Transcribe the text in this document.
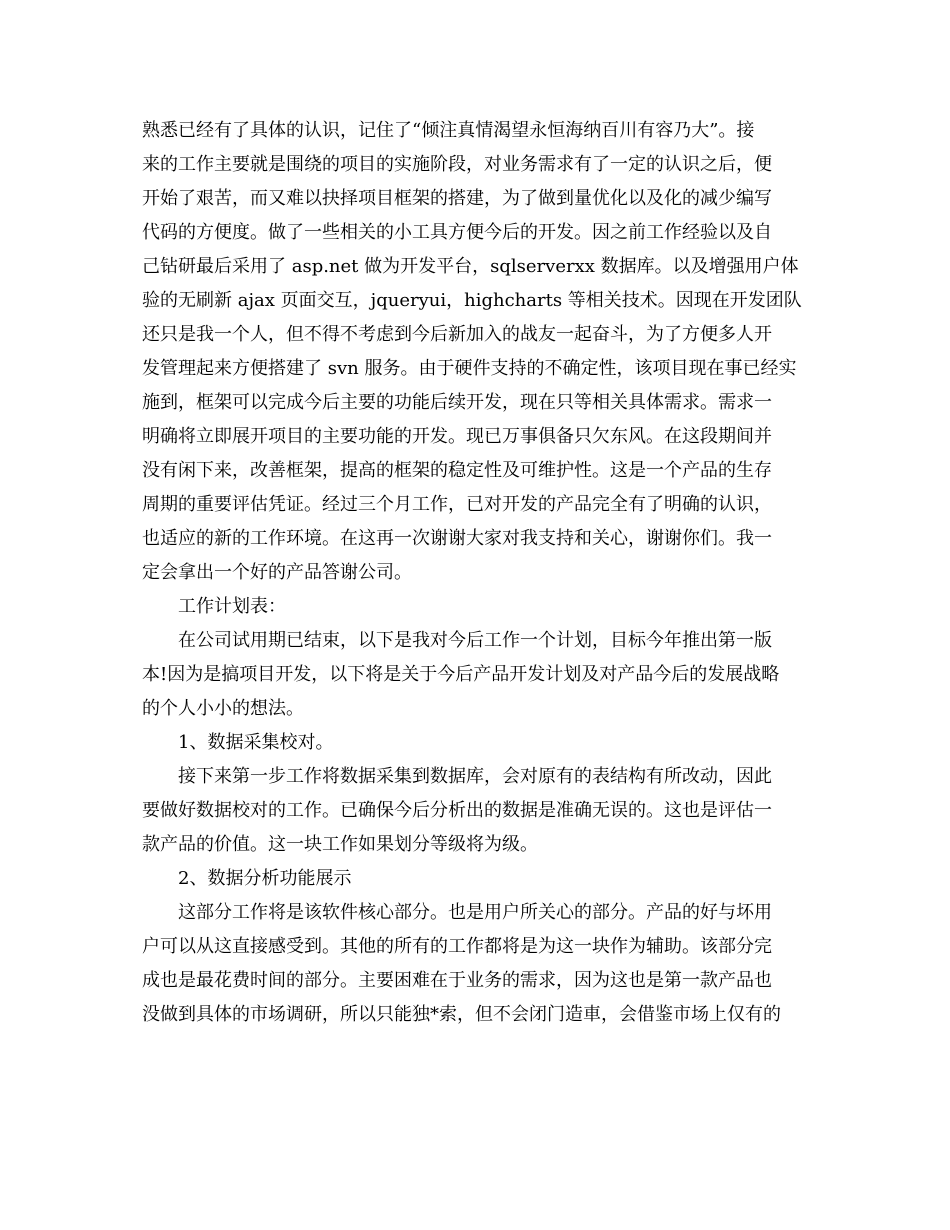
熟悉已经有了具体的认识，记住了“倾注真情渴望永恒海纳百川有容乃大”。接
来的工作主要就是围绕的项目的实施阶段，对业务需求有了一定的认识之后，便
开始了艰苦，而又难以抉择项目框架的搭建，为了做到量优化以及化的减少编写
代码的方便度。做了一些相关的小工具方便今后的开发。因之前工作经验以及自
己钻研最后采用了 asp.net 做为开发平台，sqlserverxx 数据库。以及增强用户体
验的无刷新 ajax 页面交互，jqueryui，highcharts 等相关技术。因现在开发团队
还只是我一个人，但不得不考虑到今后新加入的战友一起奋斗，为了方便多人开
发管理起来方便搭建了 svn 服务。由于硬件支持的不确定性，该项目现在事已经实
施到，框架可以完成今后主要的功能后续开发，现在只等相关具体需求。需求一
明确将立即展开项目的主要功能的开发。现已万事俱备只欠东风。在这段期间并
没有闲下来，改善框架，提高的框架的稳定性及可维护性。这是一个产品的生存
周期的重要评估凭证。经过三个月工作，已对开发的产品完全有了明确的认识，
也适应的新的工作环境。在这再一次谢谢大家对我支持和关心，谢谢你们。我一
定会拿出一个好的产品答谢公司。
工作计划表：
在公司试用期已结束，以下是我对今后工作一个计划，目标今年推出第一版
本!因为是搞项目开发，以下将是关于今后产品开发计划及对产品今后的发展战略
的个人小小的想法。
1、数据采集校对。
接下来第一步工作将数据采集到数据库，会对原有的表结构有所改动，因此
要做好数据校对的工作。已确保今后分析出的数据是准确无误的。这也是评估一
款产品的价值。这一块工作如果划分等级将为级。
2、数据分析功能展示
这部分工作将是该软件核心部分。也是用户所关心的部分。产品的好与坏用
户可以从这直接感受到。其他的所有的工作都将是为这一块作为辅助。该部分完
成也是最花费时间的部分。主要困难在于业务的需求，因为这也是第一款产品也
没做到具体的市场调研，所以只能独*索，但不会闭门造車，会借鉴市场上仅有的
